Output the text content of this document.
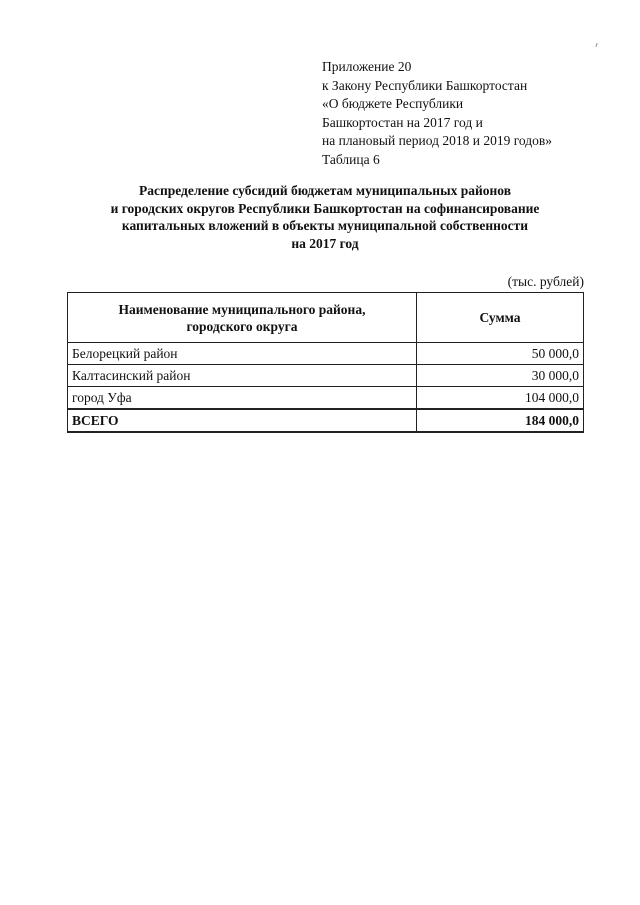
Приложение 20
к Закону Республики Башкортостан
«О бюджете Республики
Башкортостан на 2017 год и
на плановый период 2018 и 2019 годов»
Таблица 6
Распределение субсидий бюджетам муниципальных районов
и городских округов Республики Башкортостан на софинансирование
капитальных вложений в объекты муниципальной собственности
на 2017 год
(тыс. рублей)
Наименование муниципального района,
городского округа	Сумма
Белорецкий район	50 000,0
Калтасинский район	30 000,0
город Уфа	104 000,0
ВСЕГО	184 000,0
